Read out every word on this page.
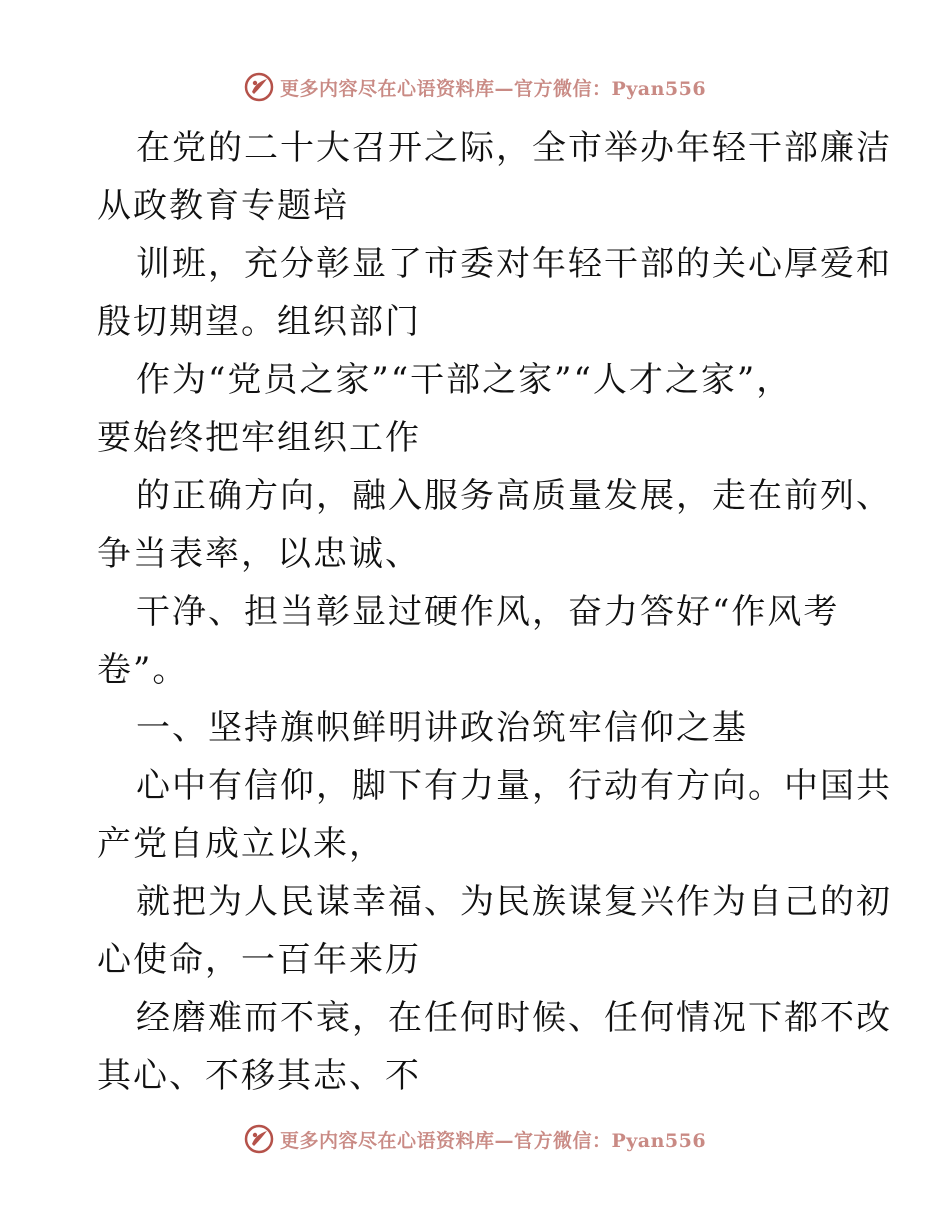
更多内容尽在心语资料库—官方微信：Pyan556
在党的二十大召开之际，全市举办年轻干部廉洁
从政教育专题培
训班，充分彰显了市委对年轻干部的关心厚爱和
殷切期望。组织部门
作为“党员之家”“干部之家”“人才之家”，
要始终把牢组织工作
的正确方向，融入服务高质量发展，走在前列、
争当表率，以忠诚、
干净、担当彰显过硬作风，奋力答好“作风考
卷”。
一、坚持旗帜鲜明讲政治筑牢信仰之基
心中有信仰，脚下有力量，行动有方向。中国共
产党自成立以来，
就把为人民谋幸福、为民族谋复兴作为自己的初
心使命，一百年来历
经磨难而不衰，在任何时候、任何情况下都不改
其心、不移其志、不
更多内容尽在心语资料库—官方微信：Pyan556
